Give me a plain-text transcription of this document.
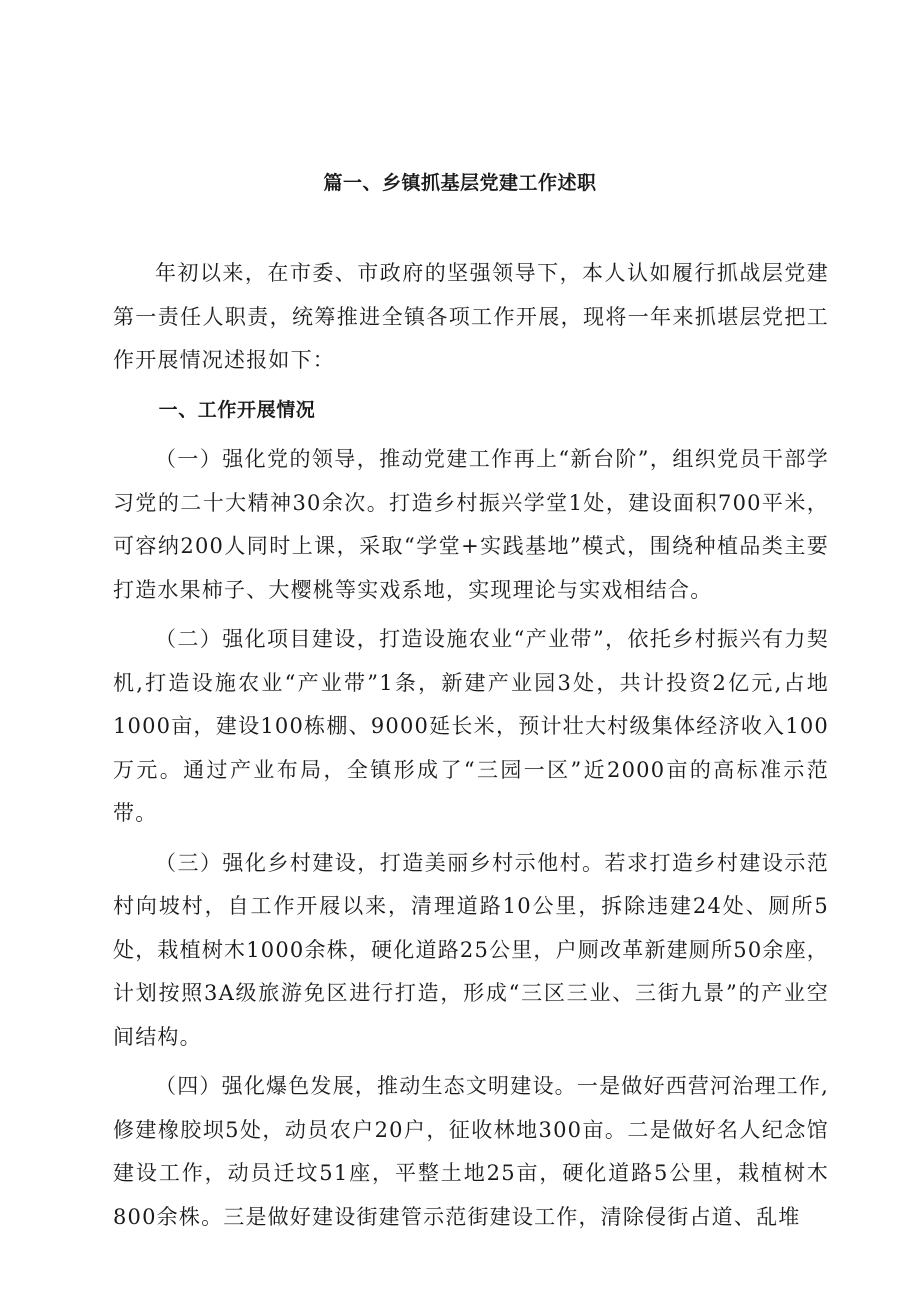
篇一、乡镇抓基层党建工作述职

年初以来，在市委、市政府的坚强领导下，本人认如履行抓战层党建第一责任人职责，统筹推进全镇各项工作开展，现将一年来抓堪层党把工作开展情况述报如下：

一、工作开展情况

（一）强化党的领导，推动党建工作再上“新台阶”，组织党员干部学习党的二十大精神30余次。打造乡村振兴学堂1处，建设面积700平米，可容纳200人同时上课，采取“学堂+实践基地”模式，围绕种植品类主要打造水果柿子、大樱桃等实戏系地，实现理论与实戏相结合。

（二）强化项目建设，打造设施农业“产业带”，依托乡村振兴有力契机,打造设施农业“产业带”1条，新建产业园3处，共计投资2亿元,占地1000亩，建设100栋棚、9000延长米，预计壮大村级集体经济收入100万元。通过产业布局，全镇形成了“三园一区”近2000亩的高标准示范带。

（三）强化乡村建设，打造美丽乡村示他村。若求打造乡村建设示范村向坡村，自工作开屐以来，清理道路10公里，拆除违建24处、厕所5处，栽植树木1000余株，硬化道路25公里，户厕改革新建厕所50余座，计划按照3A级旅游免区进行打造，形成“三区三业、三街九景”的产业空间结构。

（四）强化爆色发展，推动生态文明建设。一是做好西营河治理工作,修建橡胶坝5处，动员农户20户，征收林地300亩。二是做好名人纪念馆建设工作，动员迁坟51座，平整土地25亩，硬化道路5公里，栽植树木800余株。三是做好建设街建管示范街建设工作，清除侵街占道、乱堆
